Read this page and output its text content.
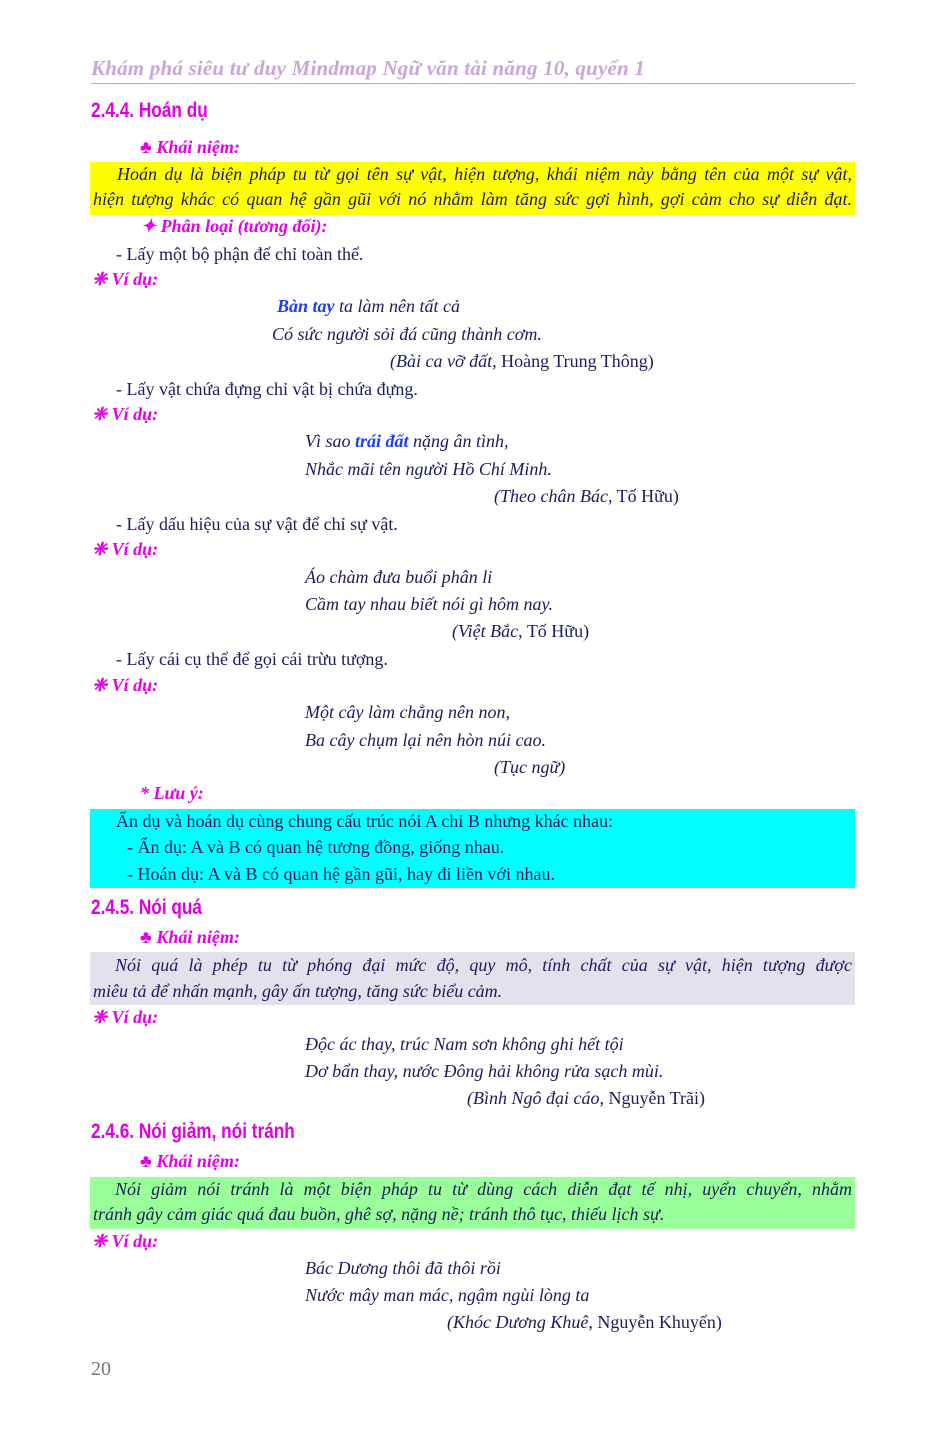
Khám phá siêu tư duy Mindmap Ngữ văn tài năng 10, quyển 1
2.4.4. Hoán dụ
♣ Khái niệm:
Hoán dụ là biện pháp tu từ gọi tên sự vật, hiện tượng, khái niệm này bằng tên của một sự vật,
hiện tượng khác có quan hệ gần gũi với nó nhằm làm tăng sức gợi hình, gợi cảm cho sự diễn đạt.
✦ Phân loại (tương đối):
- Lấy một bộ phận để chỉ toàn thể.
❈ Ví dụ:
Bàn tay ta làm nên tất cả
Có sức người sỏi đá cũng thành cơm.
(Bài ca vỡ đất, Hoàng Trung Thông)
- Lấy vật chứa đựng chỉ vật bị chứa đựng.
❈ Ví dụ:
Vì sao trái đất nặng ân tình,
Nhắc mãi tên người Hồ Chí Minh.
(Theo chân Bác, Tố Hữu)
- Lấy dấu hiệu của sự vật để chỉ sự vật.
❈ Ví dụ:
Áo chàm đưa buổi phân li
Cầm tay nhau biết nói gì hôm nay.
(Việt Bắc, Tố Hữu)
- Lấy cái cụ thể để gọi cái trừu tượng.
❈ Ví dụ:
Một cây làm chẳng nên non,
Ba cây chụm lại nên hòn núi cao.
(Tục ngữ)
* Lưu ý:
Ẩn dụ và hoán dụ cùng chung cấu trúc nói A chỉ B nhưng khác nhau:
- Ẩn dụ: A và B có quan hệ tương đồng, giống nhau.
- Hoán dụ: A và B có quan hệ gần gũi, hay đi liền với nhau.
2.4.5. Nói quá
♣ Khái niệm:
Nói quá là phép tu từ phóng đại mức độ, quy mô, tính chất của sự vật, hiện tượng được
miêu tả để nhấn mạnh, gây ấn tượng, tăng sức biểu cảm.
❈ Ví dụ:
Độc ác thay, trúc Nam sơn không ghi hết tội
Dơ bẩn thay, nước Đông hải không rửa sạch mùi.
(Bình Ngô đại cáo, Nguyễn Trãi)
2.4.6. Nói giảm, nói tránh
♣ Khái niệm:
Nói giảm nói tránh là một biện pháp tu từ dùng cách diễn đạt tế nhị, uyển chuyển, nhằm
tránh gây cảm giác quá đau buồn, ghê sợ, nặng nề; tránh thô tục, thiếu lịch sự.
❈ Ví dụ:
Bác Dương thôi đã thôi rồi
Nước mây man mác, ngậm ngùi lòng ta
(Khóc Dương Khuê, Nguyễn Khuyến)
20
